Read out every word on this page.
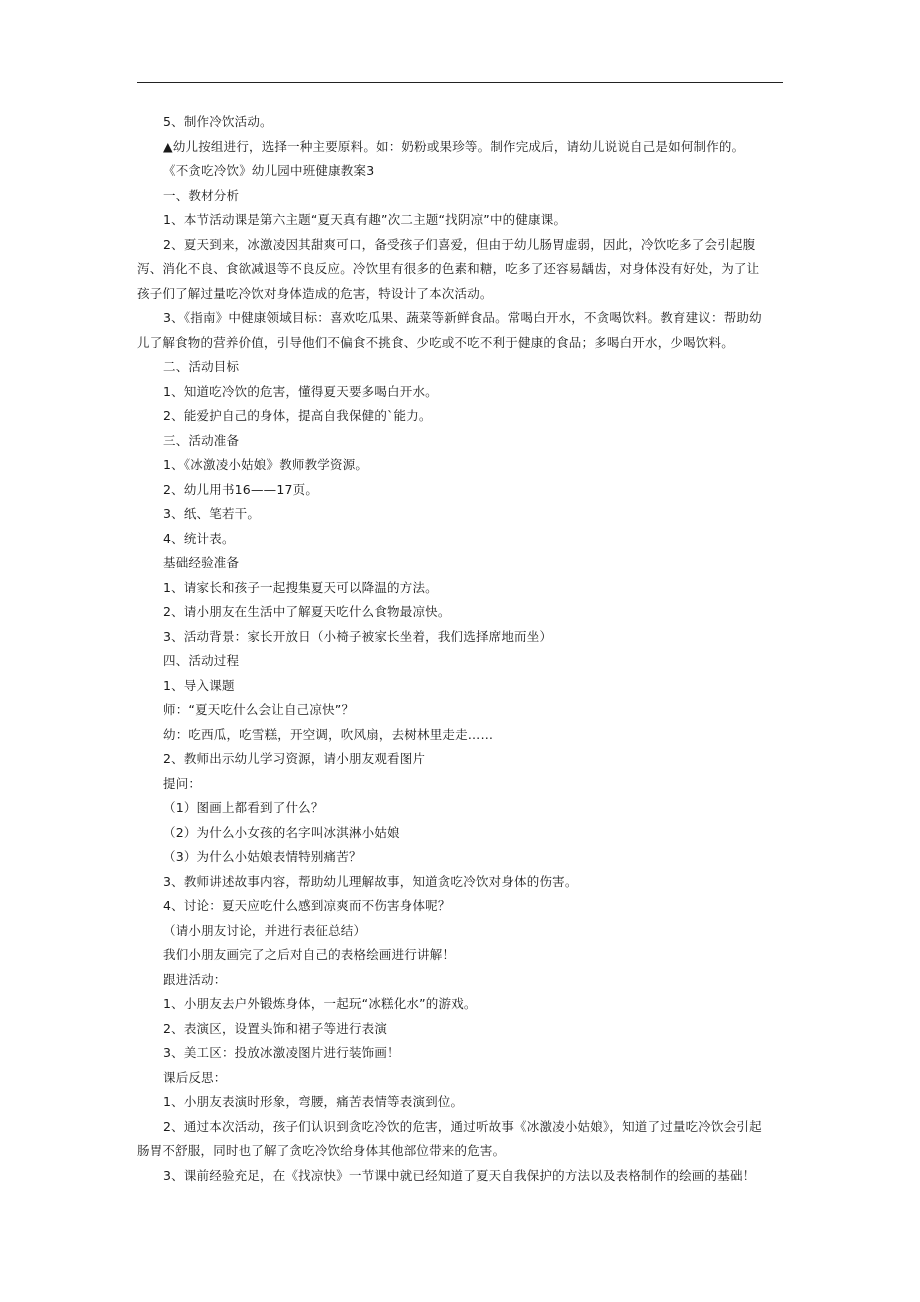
5、制作冷饮活动。
▲幼儿按组进行，选择一种主要原料。如：奶粉或果珍等。制作完成后，请幼儿说说自己是如何制作的。
《不贪吃冷饮》幼儿园中班健康教案3
一、教材分析
1、本节活动课是第六主题“夏天真有趣”次二主题“找阴凉”中的健康课。
2、夏天到来，冰激凌因其甜爽可口，备受孩子们喜爱，但由于幼儿肠胃虚弱，因此，冷饮吃多了会引起腹泻、消化不良、食欲减退等不良反应。冷饮里有很多的色素和糖，吃多了还容易龋齿，对身体没有好处，为了让孩子们了解过量吃冷饮对身体造成的危害，特设计了本次活动。
3、《指南》中健康领域目标：喜欢吃瓜果、蔬菜等新鲜食品。常喝白开水，不贪喝饮料。教育建议：帮助幼儿了解食物的营养价值，引导他们不偏食不挑食、少吃或不吃不利于健康的食品；多喝白开水，少喝饮料。
二、活动目标
1、知道吃冷饮的危害，懂得夏天要多喝白开水。
2、能爱护自己的身体，提高自我保健的`能力。
三、活动准备
1、《冰激凌小姑娘》教师教学资源。
2、幼儿用书16——17页。
3、纸、笔若干。
4、统计表。
基础经验准备
1、请家长和孩子一起搜集夏天可以降温的方法。
2、请小朋友在生活中了解夏天吃什么食物最凉快。
3、活动背景：家长开放日（小椅子被家长坐着，我们选择席地而坐）
四、活动过程
1、导入课题
师：“夏天吃什么会让自己凉快”？
幼：吃西瓜，吃雪糕，开空调，吹风扇，去树林里走走……
2、教师出示幼儿学习资源，请小朋友观看图片
提问：
（1）图画上都看到了什么？
（2）为什么小女孩的名字叫冰淇淋小姑娘
（3）为什么小姑娘表情特别痛苦？
3、教师讲述故事内容，帮助幼儿理解故事，知道贪吃冷饮对身体的伤害。
4、讨论：夏天应吃什么感到凉爽而不伤害身体呢？
（请小朋友讨论，并进行表征总结）
我们小朋友画完了之后对自己的表格绘画进行讲解！
跟进活动：
1、小朋友去户外锻炼身体，一起玩“冰糕化水”的游戏。
2、表演区，设置头饰和裙子等进行表演
3、美工区：投放冰激凌图片进行装饰画！
课后反思：
1、小朋友表演时形象，弯腰，痛苦表情等表演到位。
2、通过本次活动，孩子们认识到贪吃冷饮的危害，通过听故事《冰激凌小姑娘》，知道了过量吃冷饮会引起肠胃不舒服，同时也了解了贪吃冷饮给身体其他部位带来的危害。
3、课前经验充足，在《找凉快》一节课中就已经知道了夏天自我保护的方法以及表格制作的绘画的基础！
